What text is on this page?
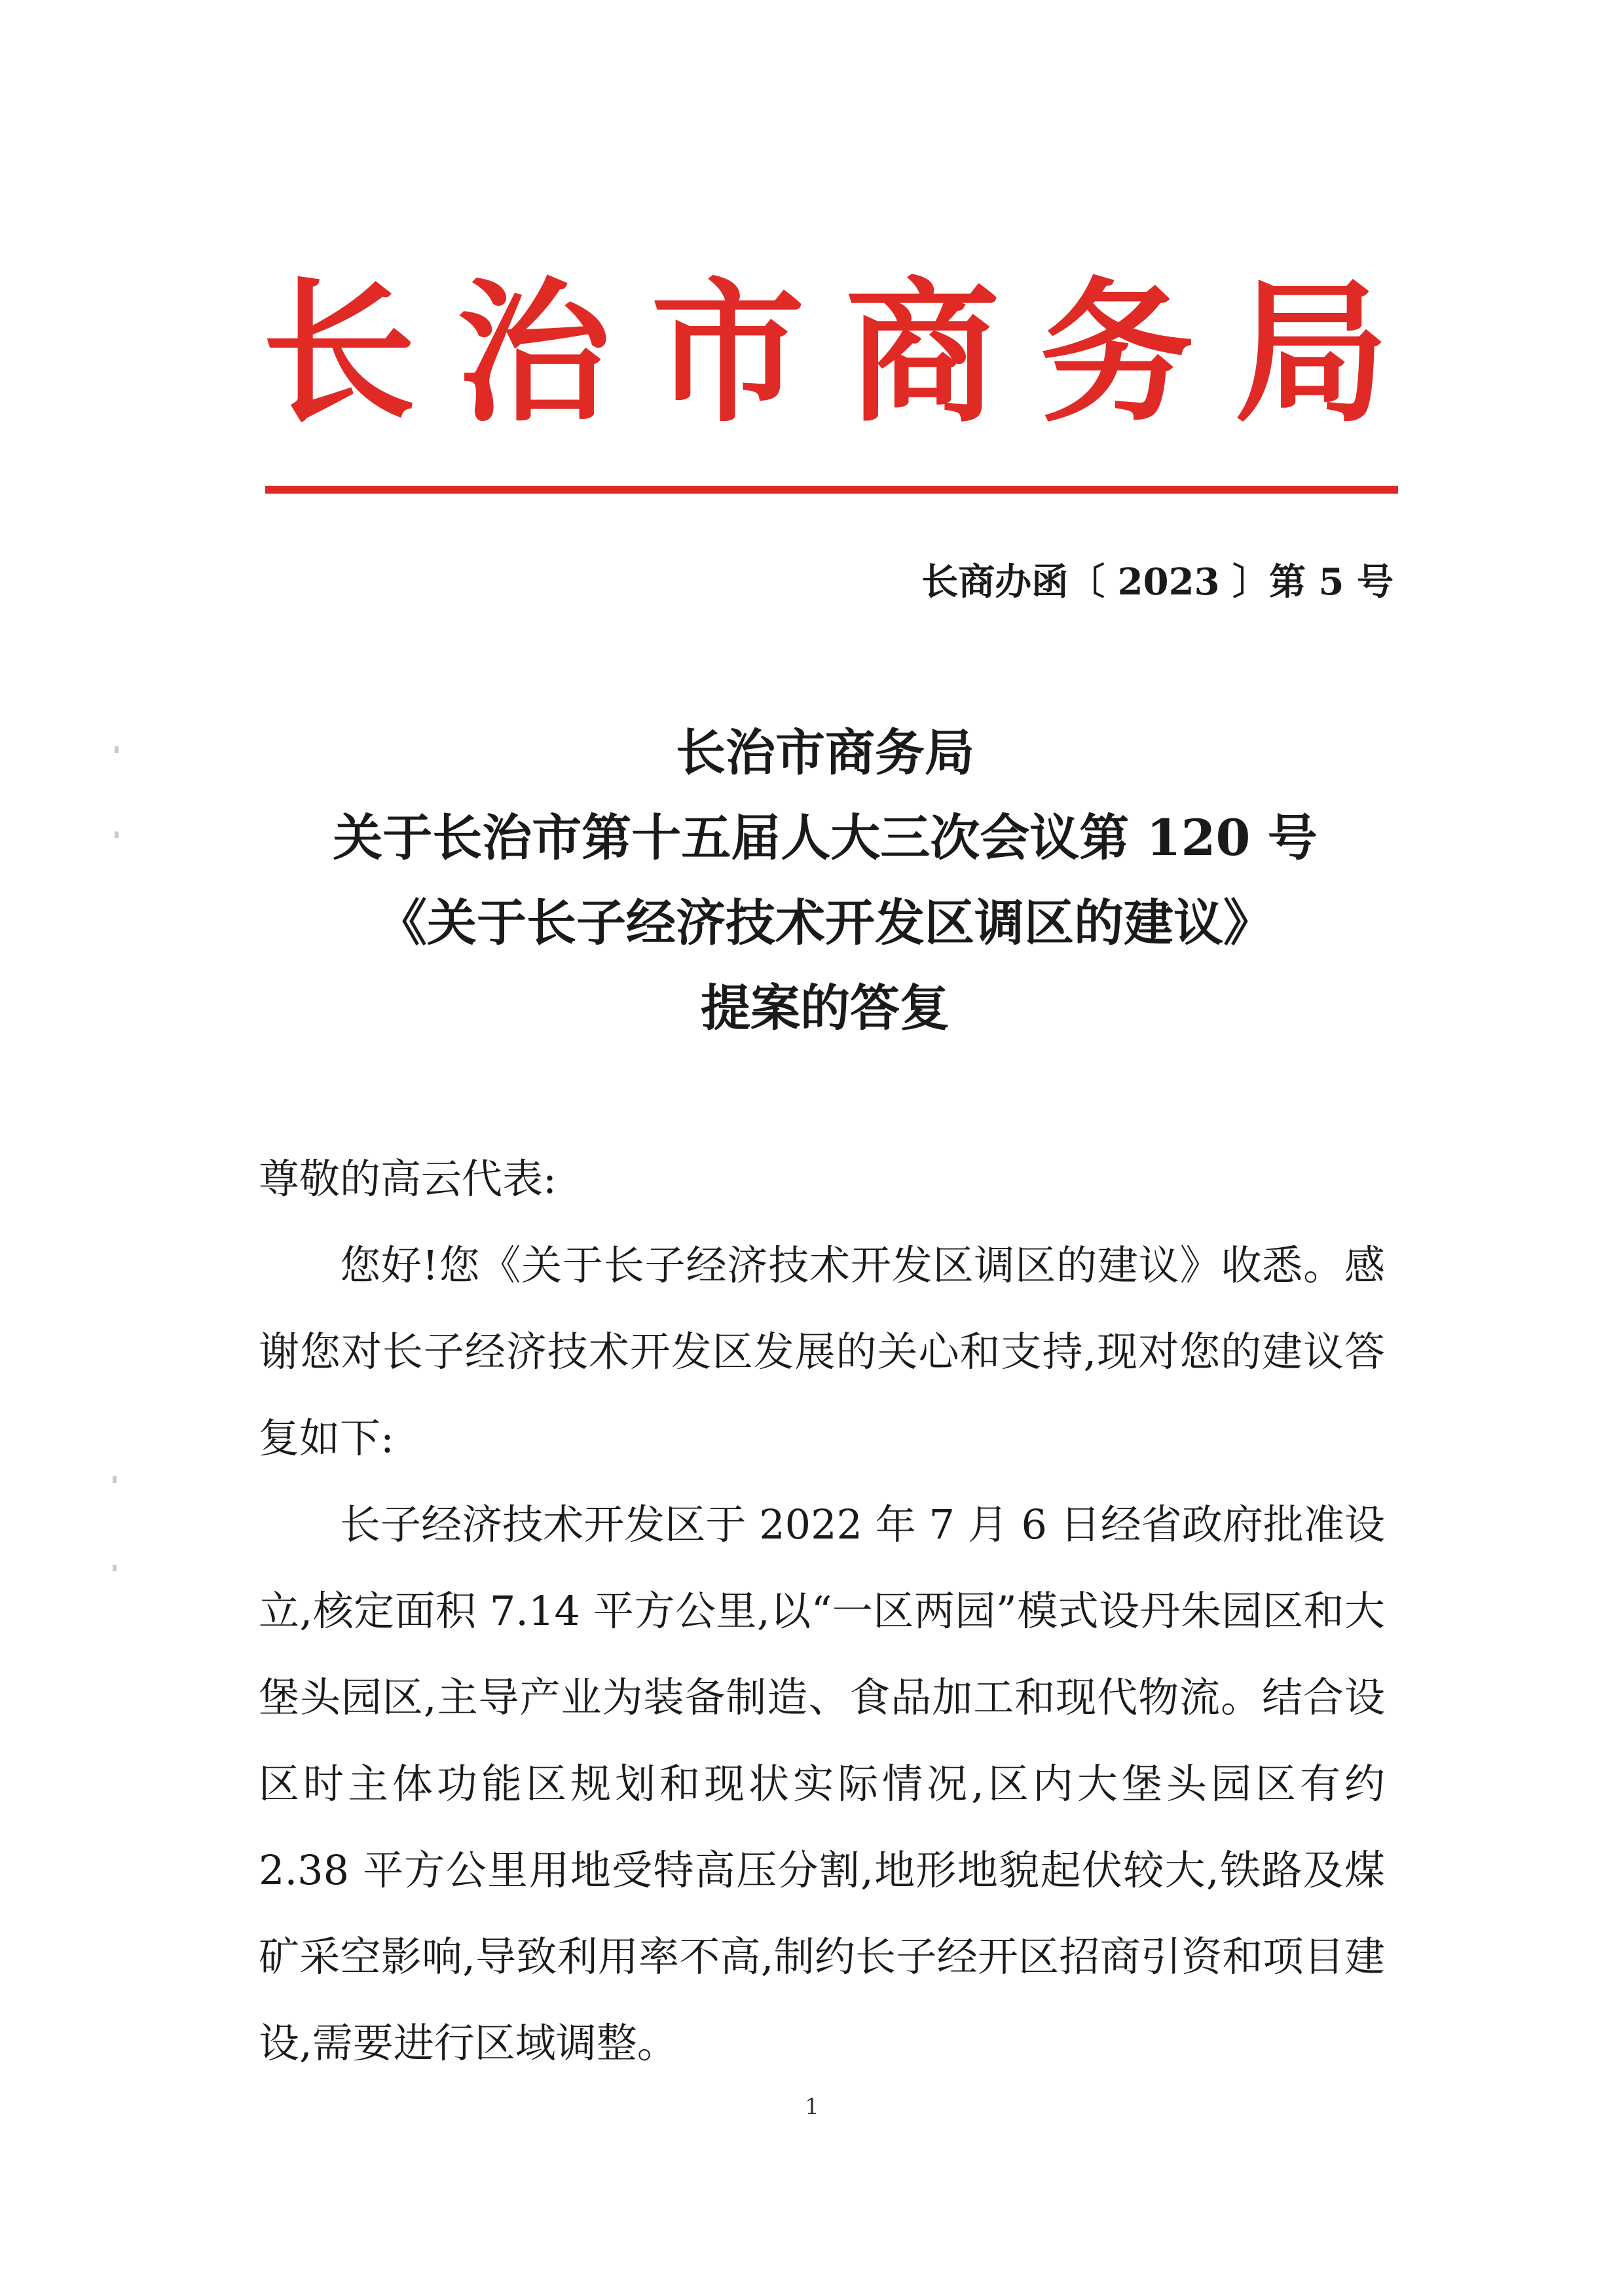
长 治 市 商 务 局
长商办函〔 2023 〕第 5 号
长治市商务局
关于长治市第十五届人大三次会议第 120 号
《关于长子经济技术开发区调区的建议》
提案的答复
尊敬的高云代表:

您好!您《关于长子经济技术开发区调区的建议》收悉。感谢您对长子经济技术开发区发展的关心和支持,现对您的建议答复如下:

长子经济技术开发区于 2022 年 7 月 6 日经省政府批准设立,核定面积 7.14 平方公里,以“一区两园”模式设丹朱园区和大堡头园区,主导产业为装备制造、食品加工和现代物流。结合设区时主体功能区规划和现状实际情况,区内大堡头园区有约 2.38 平方公里用地受特高压分割,地形地貌起伏较大,铁路及煤矿采空影响,导致利用率不高,制约长子经开区招商引资和项目建设,需要进行区域调整。

1
